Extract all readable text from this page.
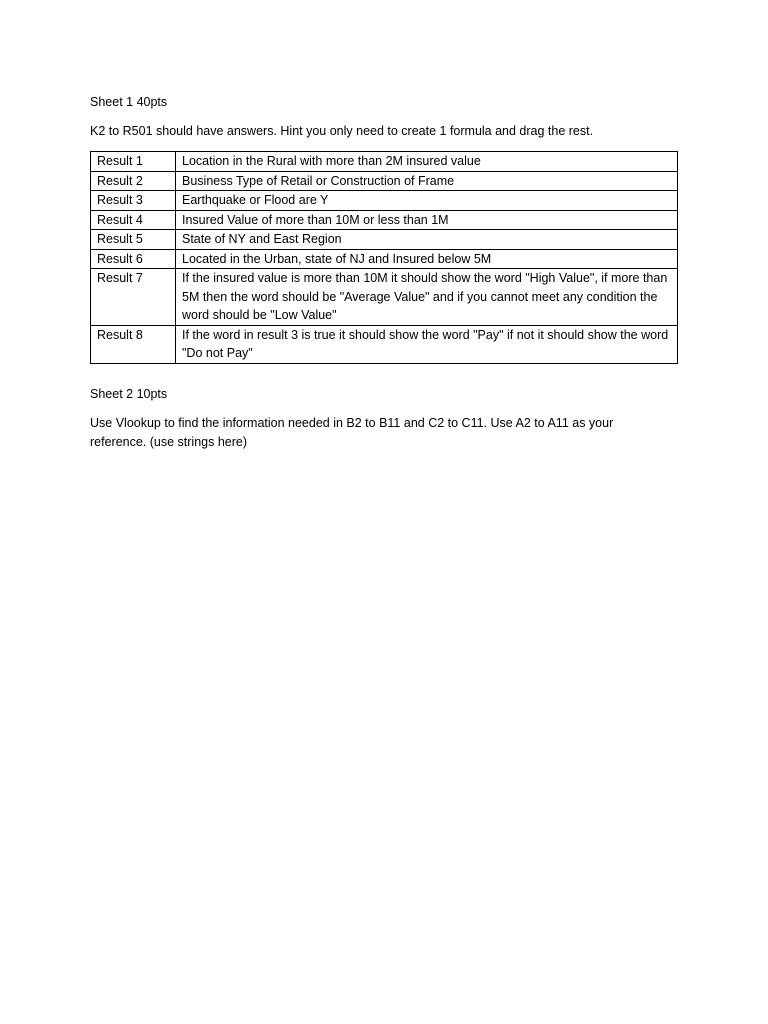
Sheet 1 40pts

K2 to R501 should have answers. Hint you only need to create 1 formula and drag the rest.

Result 1	Location in the Rural with more than 2M insured value
Result 2	Business Type of Retail or Construction of Frame
Result 3	Earthquake or Flood are Y
Result 4	Insured Value of more than 10M or less than 1M
Result 5	State of NY and East Region
Result 6	Located in the Urban, state of NJ and Insured below 5M
Result 7	If the insured value is more than 10M it should show the word "High Value", if more than 5M then the word should be "Average Value" and if you cannot meet any condition the word should be "Low Value"
Result 8	If the word in result 3 is true it should show the word "Pay" if not it should show the word "Do not Pay"

Sheet 2 10pts

Use Vlookup to find the information needed in B2 to B11 and C2 to C11. Use A2 to A11 as your reference. (use strings here)
